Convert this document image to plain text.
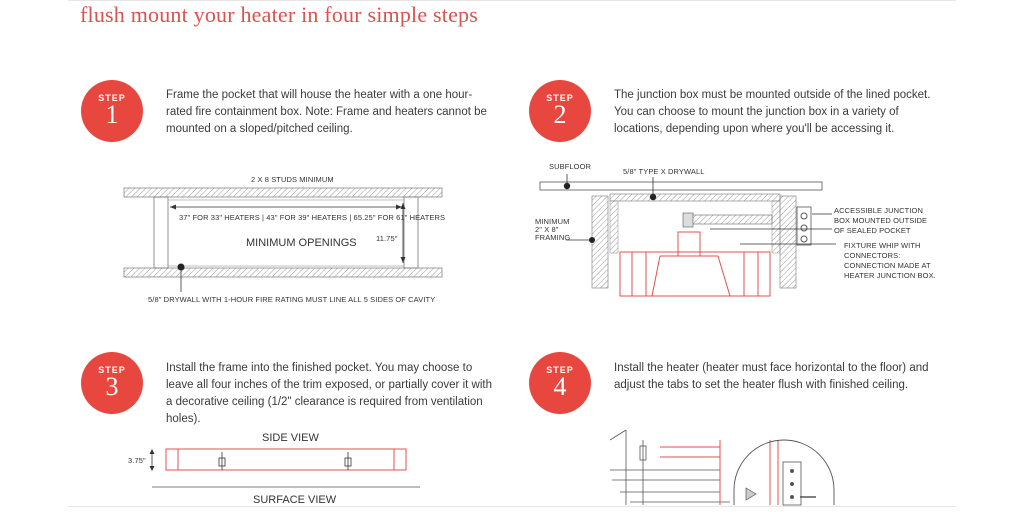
flush mount your heater in four simple steps
STEP
1
Frame the pocket that will house the heater with a one hour-rated fire containment box. Note: Frame and heaters cannot be mounted on a sloped/pitched ceiling.
2 X 8 STUDS MINIMUM
37" FOR 33" HEATERS | 43" FOR 39" HEATERS | 65.25" FOR 61" HEATERS
MINIMUM OPENINGS	11.75"
5/8" DRYWALL WITH 1-HOUR FIRE RATING MUST LINE ALL 5 SIDES OF CAVITY
STEP
2
The junction box must be mounted outside of the lined pocket. You can choose to mount the junction box in a variety of locations, depending upon where you'll be accessing it.
SUBFLOOR
5/8" TYPE X DRYWALL
MINIMUM
2" X 8"
FRAMING
ACCESSIBLE JUNCTION
BOX MOUNTED OUTSIDE
OF SEALED POCKET
FIXTURE WHIP WITH
CONNECTORS:
CONNECTION MADE AT
HEATER JUNCTION BOX.
STEP
3
Install the frame into the finished pocket. You may choose to leave all four inches of the trim exposed, or partially cover it with a decorative ceiling (1/2" clearance is required from ventilation holes).
SIDE VIEW
3.75"
SURFACE VIEW
STEP
4
Install the heater (heater must face horizontal to the floor) and adjust the tabs to set the heater flush with finished ceiling.
